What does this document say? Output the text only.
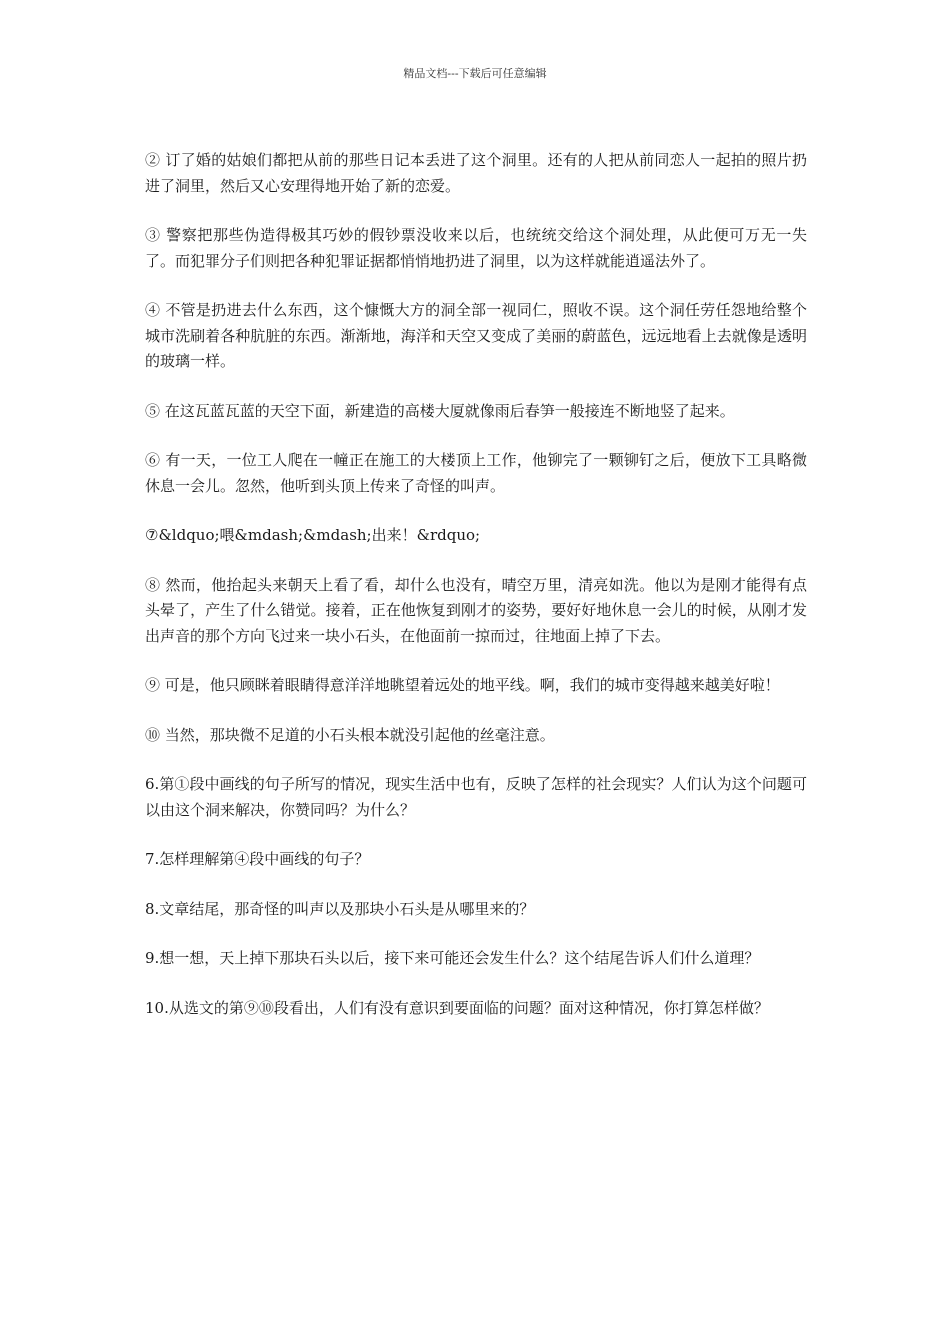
精品文档---下载后可任意编辑

② 订了婚的姑娘们都把从前的那些日记本丢进了这个洞里。还有的人把从前同恋人一起拍的照片扔进了洞里，然后又心安理得地开始了新的恋爱。

③ 警察把那些伪造得极其巧妙的假钞票没收来以后，也统统交给这个洞处理，从此便可万无一失了。而犯罪分子们则把各种犯罪证据都悄悄地扔进了洞里，以为这样就能逍遥法外了。

④ 不管是扔进去什么东西，这个慷慨大方的洞全部一视同仁，照收不误。这个洞任劳任怨地给整个城市洗刷着各种肮脏的东西。渐渐地，海洋和天空又变成了美丽的蔚蓝色，远远地看上去就像是透明的玻璃一样。

⑤ 在这瓦蓝瓦蓝的天空下面，新建造的高楼大厦就像雨后春笋一般接连不断地竖了起来。

⑥ 有一天，一位工人爬在一幢正在施工的大楼顶上工作，他铆完了一颗铆钉之后，便放下工具略微休息一会儿。忽然，他听到头顶上传来了奇怪的叫声。

⑦&ldquo;喂&mdash;&mdash;出来！&rdquo;

⑧ 然而，他抬起头来朝天上看了看，却什么也没有，晴空万里，清亮如洗。他以为是刚才能得有点头晕了，产生了什么错觉。接着，正在他恢复到刚才的姿势，要好好地休息一会儿的时候，从刚才发出声音的那个方向飞过来一块小石头，在他面前一掠而过，往地面上掉了下去。

⑨ 可是，他只顾眯着眼睛得意洋洋地眺望着远处的地平线。啊，我们的城市变得越来越美好啦！

⑩ 当然，那块微不足道的小石头根本就没引起他的丝毫注意。

6.第①段中画线的句子所写的情况，现实生活中也有，反映了怎样的社会现实？人们认为这个问题可以由这个洞来解决，你赞同吗？为什么？

7.怎样理解第④段中画线的句子？

8.文章结尾，那奇怪的叫声以及那块小石头是从哪里来的？

9.想一想，天上掉下那块石头以后，接下来可能还会发生什么？这个结尾告诉人们什么道理？

10.从选文的第⑨⑩段看出，人们有没有意识到要面临的问题？面对这种情况，你打算怎样做？
